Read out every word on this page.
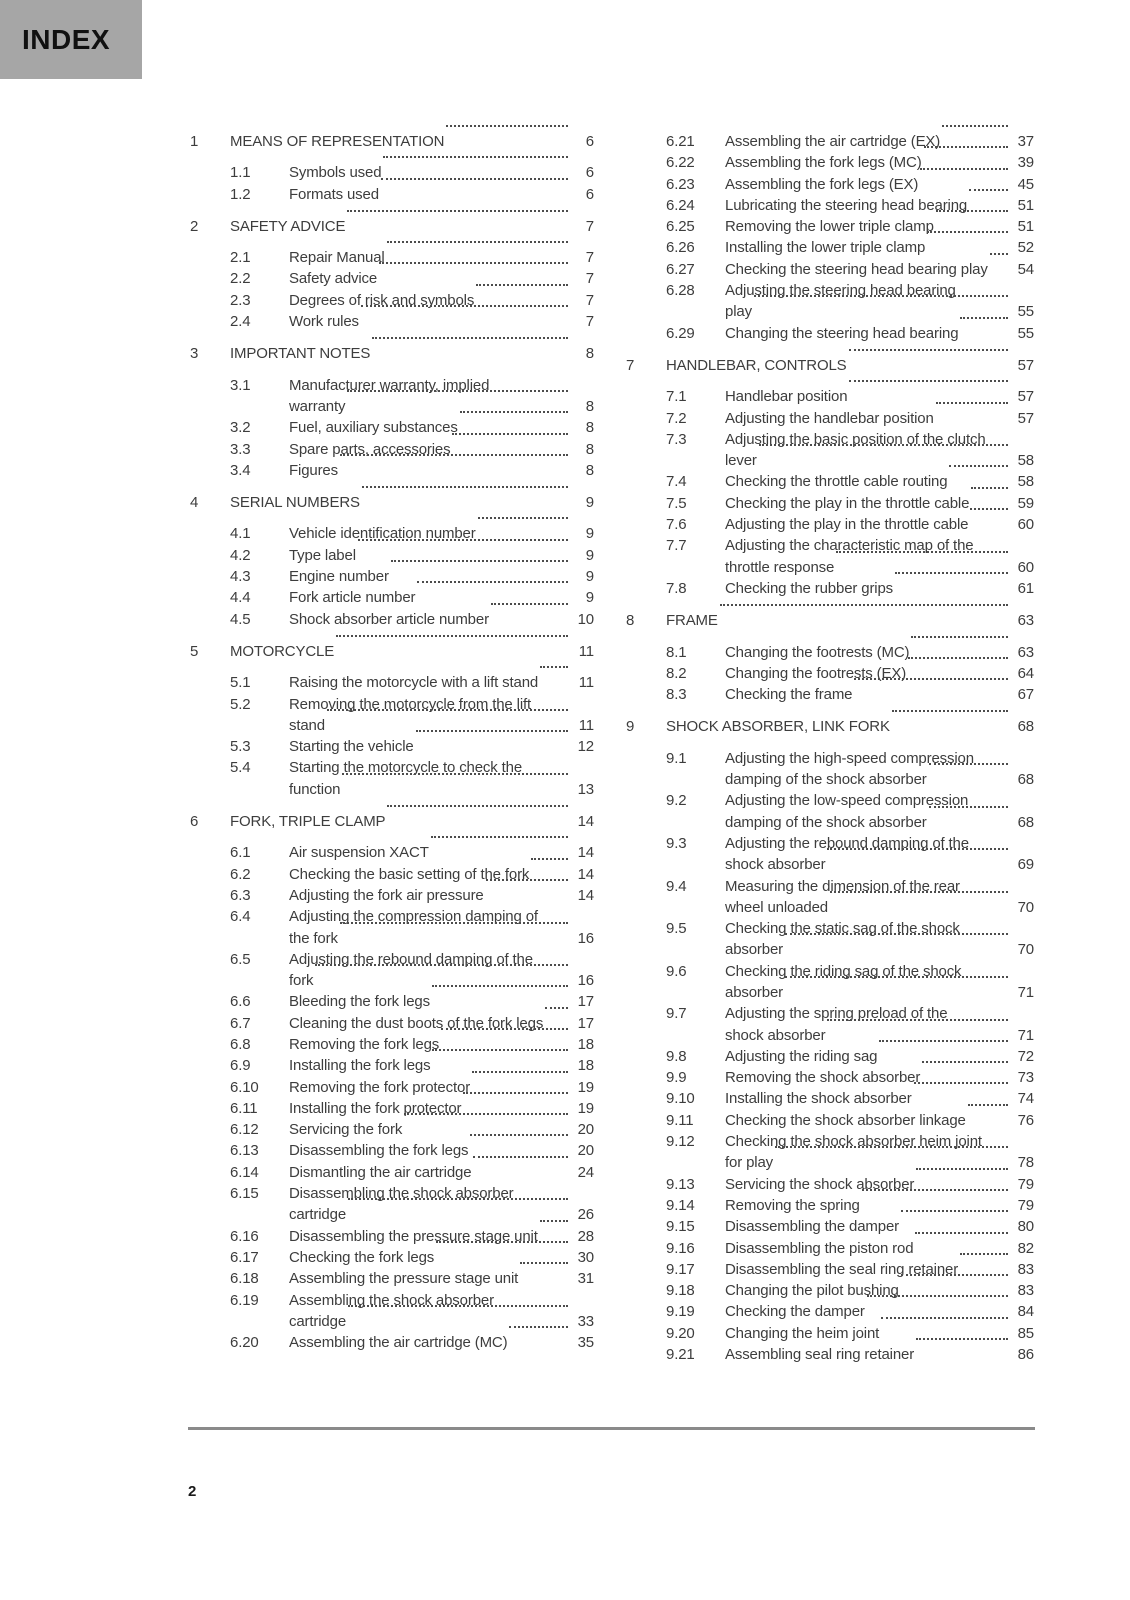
INDEX
1	MEANS OF REPRESENTATION	6
1.1	Symbols used	6
1.2	Formats used	6
2	SAFETY ADVICE	7
2.1	Repair Manual	7
2.2	Safety advice	7
2.3	Degrees of risk and symbols	7
2.4	Work rules	7
3	IMPORTANT NOTES	8
3.1	Manufacturer warranty, implied
warranty	8
3.2	Fuel, auxiliary substances	8
3.3	Spare parts, accessories	8
3.4	Figures	8
4	SERIAL NUMBERS	9
4.1	Vehicle identification number	9
4.2	Type label	9
4.3	Engine number	9
4.4	Fork article number	9
4.5	Shock absorber article number	10
5	MOTORCYCLE	11
5.1	Raising the motorcycle with a lift stand	11
5.2	Removing the motorcycle from the lift
stand	11
5.3	Starting the vehicle	12
5.4	Starting the motorcycle to check the
function	13
6	FORK, TRIPLE CLAMP	14
6.1	Air suspension XACT	14
6.2	Checking the basic setting of the fork	14
6.3	Adjusting the fork air pressure	14
6.4	Adjusting the compression damping of
the fork	16
6.5	Adjusting the rebound damping of the
fork	16
6.6	Bleeding the fork legs	17
6.7	Cleaning the dust boots of the fork legs	17
6.8	Removing the fork legs	18
6.9	Installing the fork legs	18
6.10	Removing the fork protector	19
6.11	Installing the fork protector	19
6.12	Servicing the fork	20
6.13	Disassembling the fork legs	20
6.14	Dismantling the air cartridge	24
6.15	Disassembling the shock absorber
cartridge	26
6.16	Disassembling the pressure stage unit	28
6.17	Checking the fork legs	30
6.18	Assembling the pressure stage unit	31
6.19	Assembling the shock absorber
cartridge	33
6.20	Assembling the air cartridge (MC)	35
6.21	Assembling the air cartridge (EX)	37
6.22	Assembling the fork legs (MC)	39
6.23	Assembling the fork legs (EX)	45
6.24	Lubricating the steering head bearing	51
6.25	Removing the lower triple clamp	51
6.26	Installing the lower triple clamp	52
6.27	Checking the steering head bearing play	54
6.28	Adjusting the steering head bearing
play	55
6.29	Changing the steering head bearing	55
7	HANDLEBAR, CONTROLS	57
7.1	Handlebar position	57
7.2	Adjusting the handlebar position	57
7.3	Adjusting the basic position of the clutch
lever	58
7.4	Checking the throttle cable routing	58
7.5	Checking the play in the throttle cable	59
7.6	Adjusting the play in the throttle cable	60
7.7	Adjusting the characteristic map of the
throttle response	60
7.8	Checking the rubber grips	61
8	FRAME	63
8.1	Changing the footrests (MC)	63
8.2	Changing the footrests (EX)	64
8.3	Checking the frame	67
9	SHOCK ABSORBER, LINK FORK	68
9.1	Adjusting the high-speed compression
damping of the shock absorber	68
9.2	Adjusting the low-speed compression
damping of the shock absorber	68
9.3	Adjusting the rebound damping of the
shock absorber	69
9.4	Measuring the dimension of the rear
wheel unloaded	70
9.5	Checking the static sag of the shock
absorber	70
9.6	Checking the riding sag of the shock
absorber	71
9.7	Adjusting the spring preload of the
shock absorber	71
9.8	Adjusting the riding sag	72
9.9	Removing the shock absorber	73
9.10	Installing the shock absorber	74
9.11	Checking the shock absorber linkage	76
9.12	Checking the shock absorber heim joint
for play	78
9.13	Servicing the shock absorber	79
9.14	Removing the spring	79
9.15	Disassembling the damper	80
9.16	Disassembling the piston rod	82
9.17	Disassembling the seal ring retainer	83
9.18	Changing the pilot bushing	83
9.19	Checking the damper	84
9.20	Changing the heim joint	85
9.21	Assembling seal ring retainer	86
2
